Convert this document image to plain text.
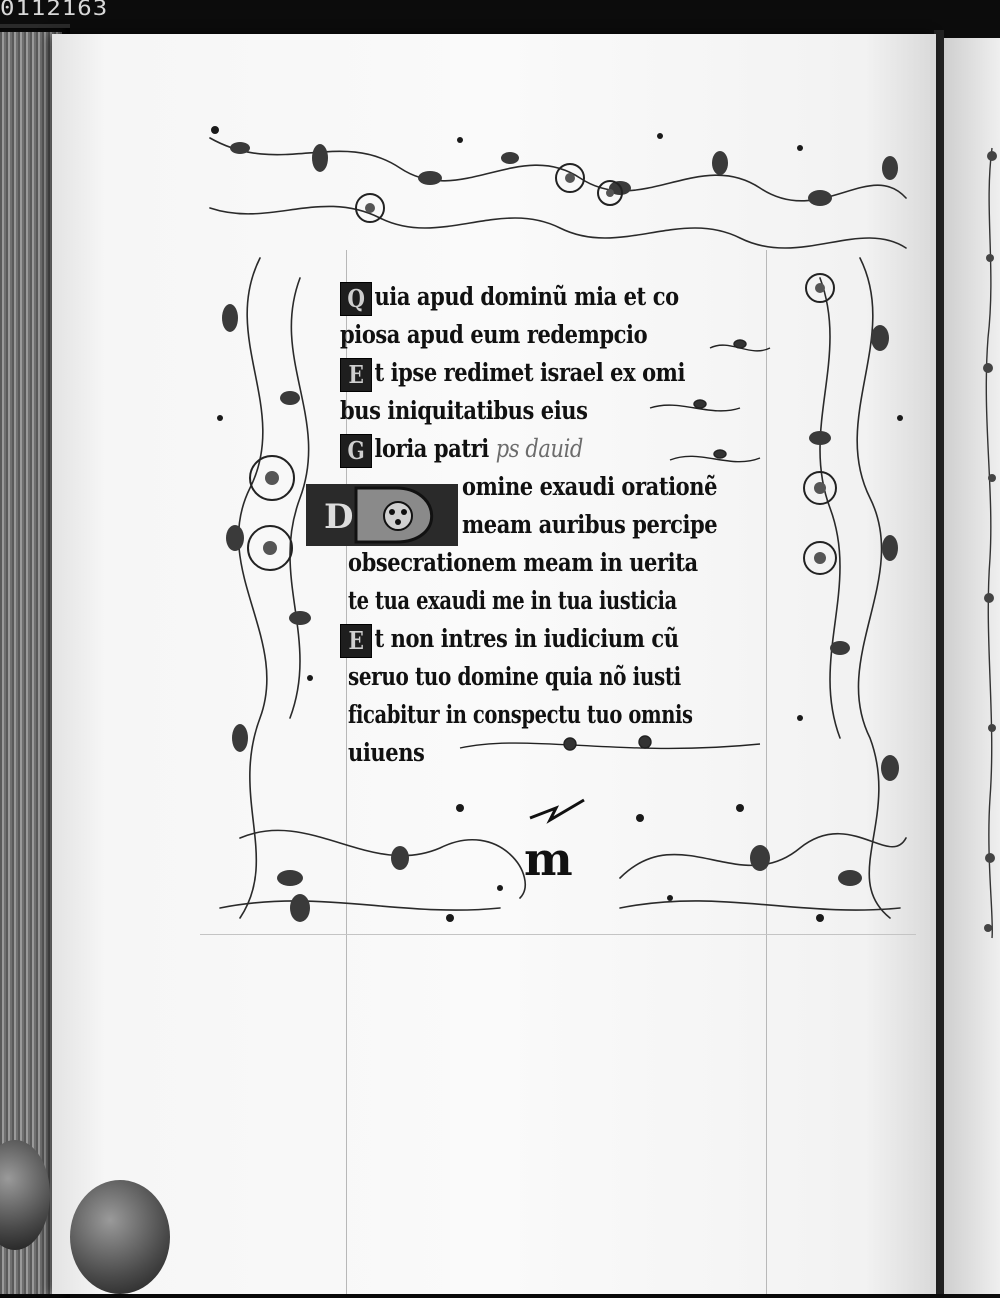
0112163
D
Q uia apud dominũ mia et co
piosa apud eum redempcio
E t ipse redimet israel ex omi
bus iniquitatibus eius
G loria patri ps dauid
omine exaudi orationẽ
meam auribus percipe
obsecrationem meam in ueritа
te tua exaudi me in tua iusticia
E t non intres in iudicium cũ
seruo tuo domine quia nõ iusti
ficabitur in conspectu tuo omnis
uiuens
m
